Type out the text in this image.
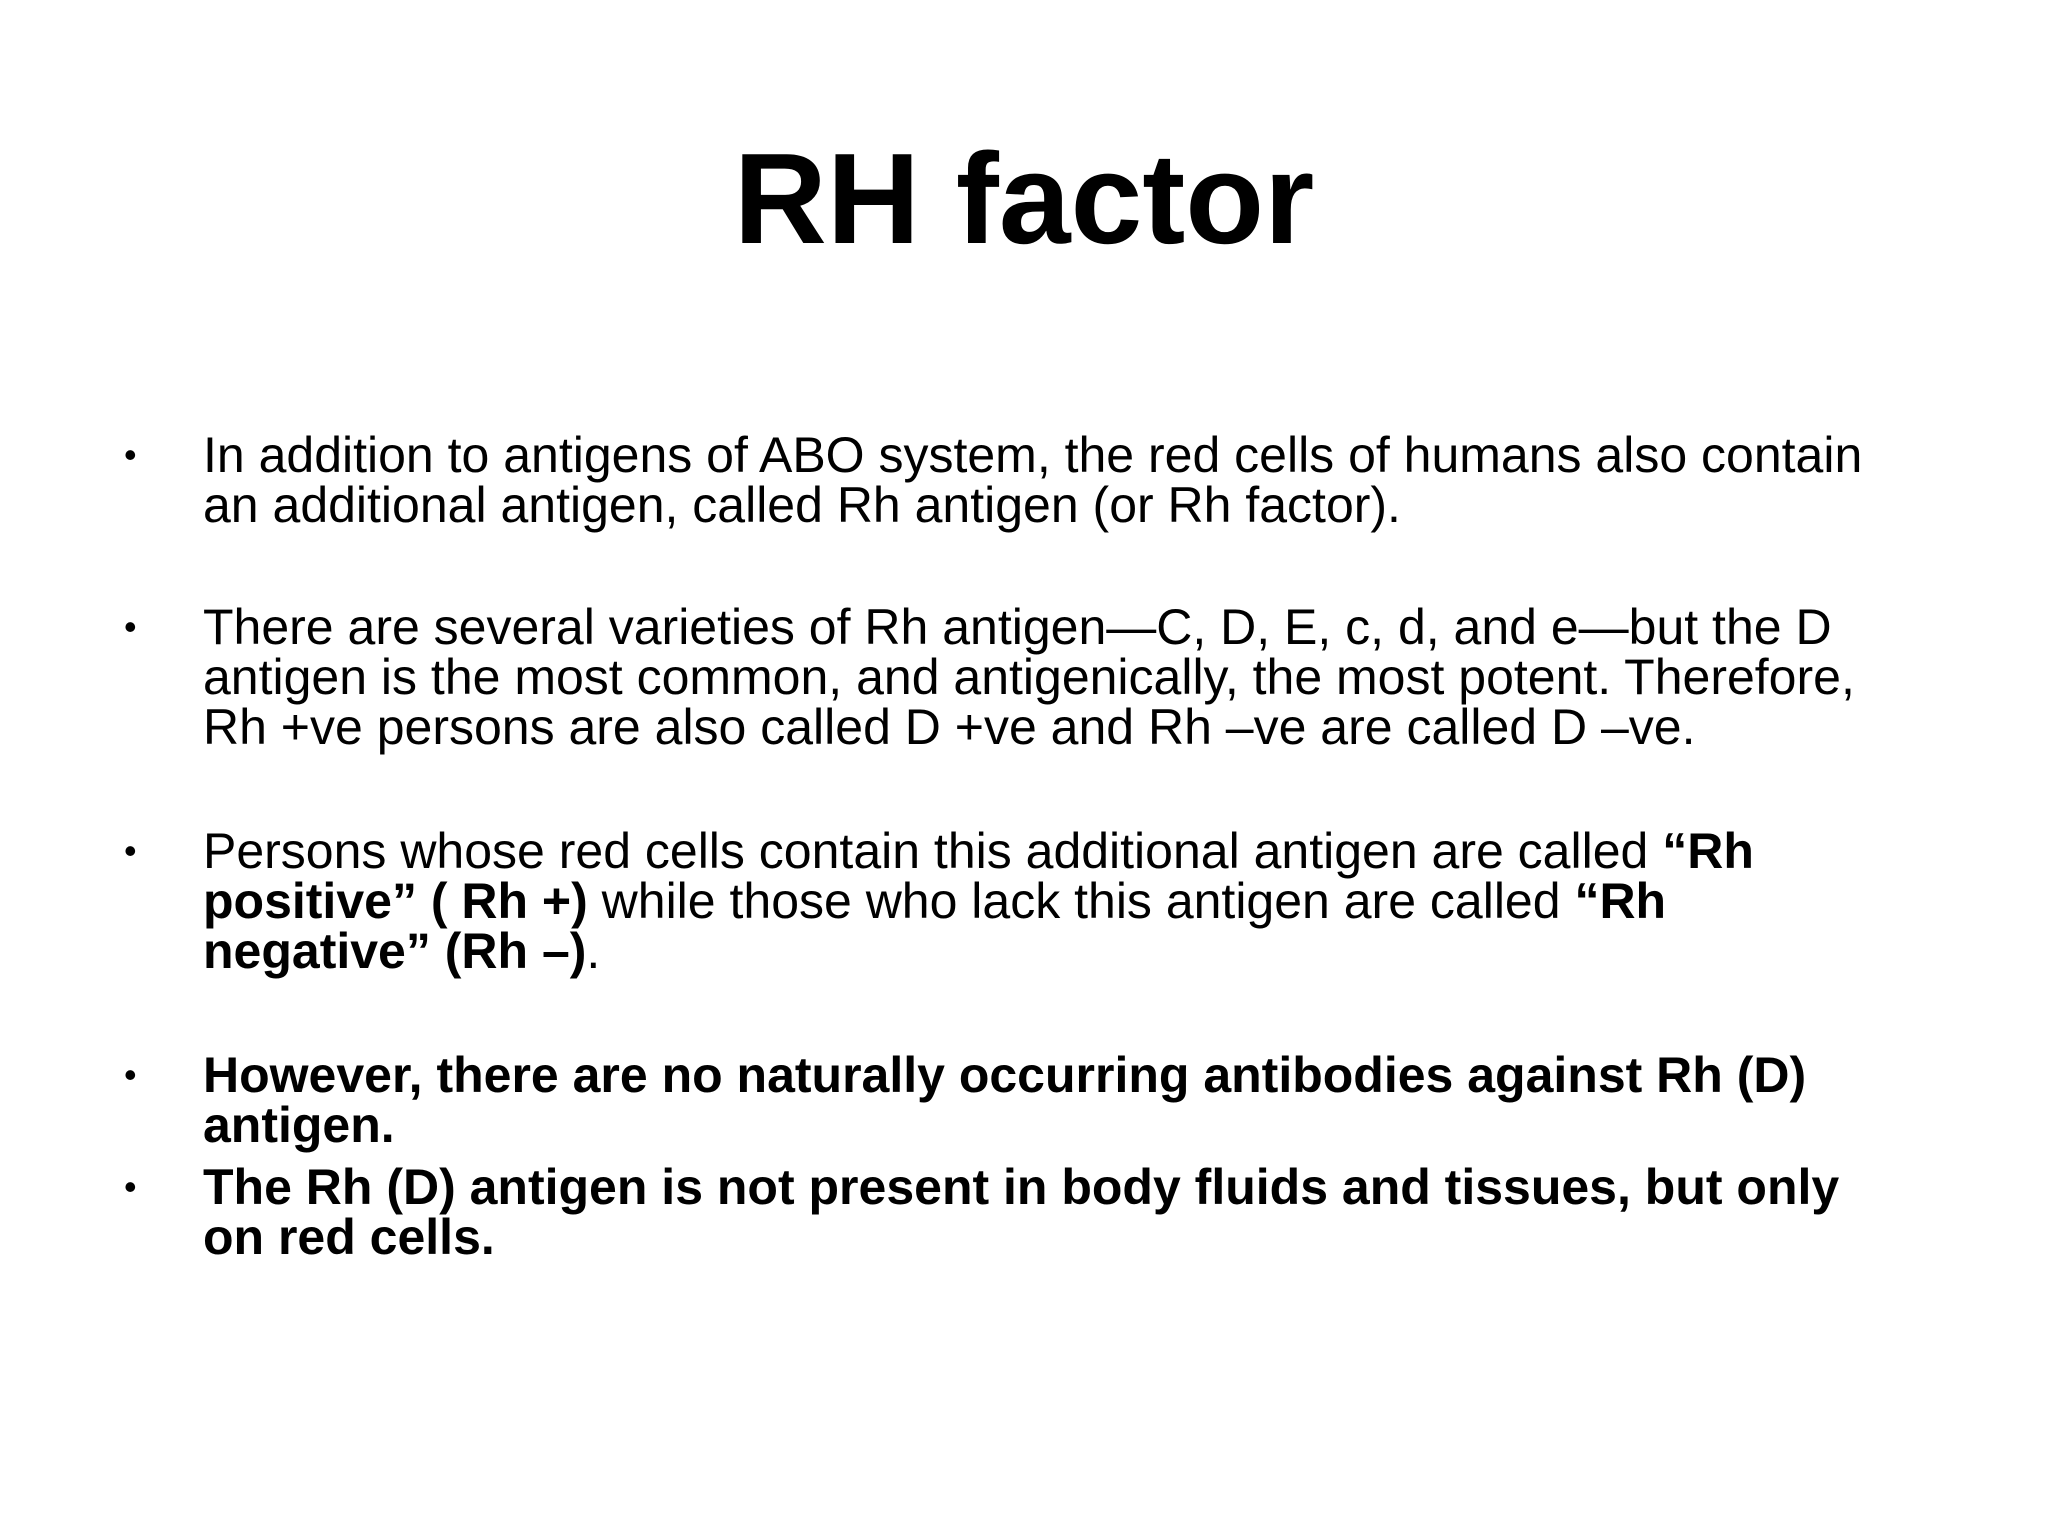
RH factor
•	In addition to antigens of ABO system, the red cells of humans also contain
an additional antigen, called Rh antigen (or Rh factor).
•	There are several varieties of Rh antigen—C, D, E, c, d, and e—but the D
antigen is the most common, and antigenically, the most potent. Therefore,
Rh +ve persons are also called D +ve and Rh –ve are called D –ve.
•	Persons whose red cells contain this additional antigen are called “Rh
positive” ( Rh +) while those who lack this antigen are called “Rh
negative” (Rh –).
•	However, there are no naturally occurring antibodies against Rh (D)
antigen.
•	The Rh (D) antigen is not present in body fluids and tissues, but only
on red cells.
